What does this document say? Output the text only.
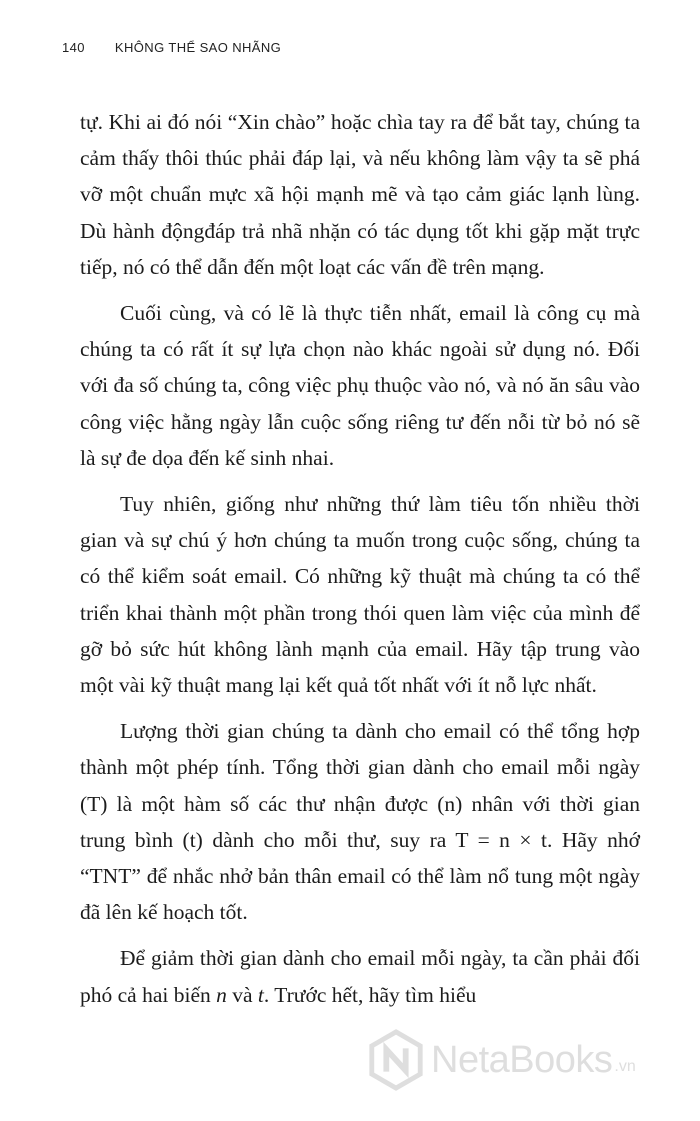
140 KHÔNG THỂ SAO NHÃNG

tự. Khi ai đó nói “Xin chào” hoặc chìa tay ra để bắt tay, chúng ta cảm thấy thôi thúc phải đáp lại, và nếu không làm vậy ta sẽ phá vỡ một chuẩn mực xã hội mạnh mẽ và tạo cảm giác lạnh lùng. Dù hành độngđáp trả nhã nhặn có tác dụng tốt khi gặp mặt trực tiếp, nó có thể dẫn đến một loạt các vấn đề trên mạng.

Cuối cùng, và có lẽ là thực tiễn nhất, email là công cụ mà chúng ta có rất ít sự lựa chọn nào khác ngoài sử dụng nó. Đối với đa số chúng ta, công việc phụ thuộc vào nó, và nó ăn sâu vào công việc hằng ngày lẫn cuộc sống riêng tư đến nỗi từ bỏ nó sẽ là sự đe dọa đến kế sinh nhai.

Tuy nhiên, giống như những thứ làm tiêu tốn nhiều thời gian và sự chú ý hơn chúng ta muốn trong cuộc sống, chúng ta có thể kiểm soát email. Có những kỹ thuật mà chúng ta có thể triển khai thành một phần trong thói quen làm việc của mình để gỡ bỏ sức hút không lành mạnh của email. Hãy tập trung vào một vài kỹ thuật mang lại kết quả tốt nhất với ít nỗ lực nhất.

Lượng thời gian chúng ta dành cho email có thể tổng hợp thành một phép tính. Tổng thời gian dành cho email mỗi ngày (T) là một hàm số các thư nhận được (n) nhân với thời gian trung bình (t) dành cho mỗi thư, suy ra T = n × t. Hãy nhớ “TNT” để nhắc nhở bản thân email có thể làm nổ tung một ngày đã lên kế hoạch tốt.

Để giảm thời gian dành cho email mỗi ngày, ta cần phải đối phó cả hai biến n và t. Trước hết, hãy tìm hiểu

NetaBooks .vn
